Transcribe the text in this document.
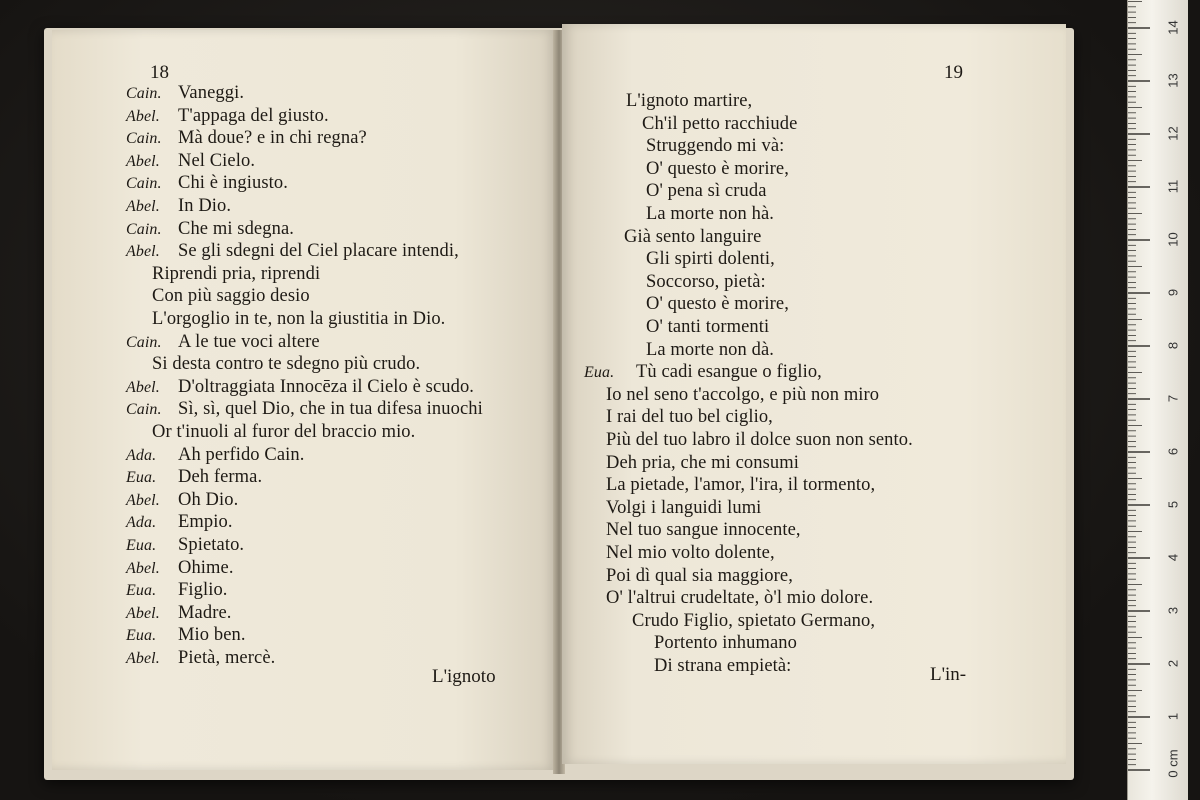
18
Cain. Vaneggi.
Abel. T'appaga del giusto.
Cain. Mà doue? e in chi regna?
Abel. Nel Cielo.
Cain. Chi è ingiusto.
Abel. In Dio.
Cain. Che mi sdegna.
Abel. Se gli sdegni del Ciel placare intendi,
Riprendi pria, riprendi
Con più saggio desio
L'orgoglio in te, non la giustitia in Dio.
Cain. A le tue voci altere
Si desta contro te sdegno più crudo.
Abel. D'oltraggiata Innocēza il Cielo è scudo.
Cain. Sì, sì, quel Dio, che in tua difesa inuochi
Or t'inuoli al furor del braccio mio.
Ada. Ah perfido Cain.
Eua. Deh ferma.
Abel. Oh Dio.
Ada. Empio.
Eua. Spietato.
Abel. Ohime.
Eua. Figlio.
Abel. Madre.
Eua. Mio ben.
Abel. Pietà, mercè.
L'ignoto
19
L'ignoto martire,
Ch'il petto racchiude
Struggendo mi và:
O' questo è morire,
O' pena sì cruda
La morte non hà.
Già sento languire
Gli spirti dolenti,
Soccorso, pietà:
O' questo è morire,
O' tanti tormenti
La morte non dà.
Eua. Tù cadi esangue o figlio,
Io nel seno t'accolgo, e più non miro
I rai del tuo bel ciglio,
Più del tuo labro il dolce suon non sento.
Deh pria, che mi consumi
La pietade, l'amor, l'ira, il tormento,
Volgi i languidi lumi
Nel tuo sangue innocente,
Nel mio volto dolente,
Poi dì qual sia maggiore,
O' l'altrui crudeltate, ò'l mio dolore.
Crudo Figlio, spietato Germano,
Portento inhumano
Di strana empietà:	L'in-
0 cm
1
2
3
4
5
6
7
8
9
10
11
12
13
14
